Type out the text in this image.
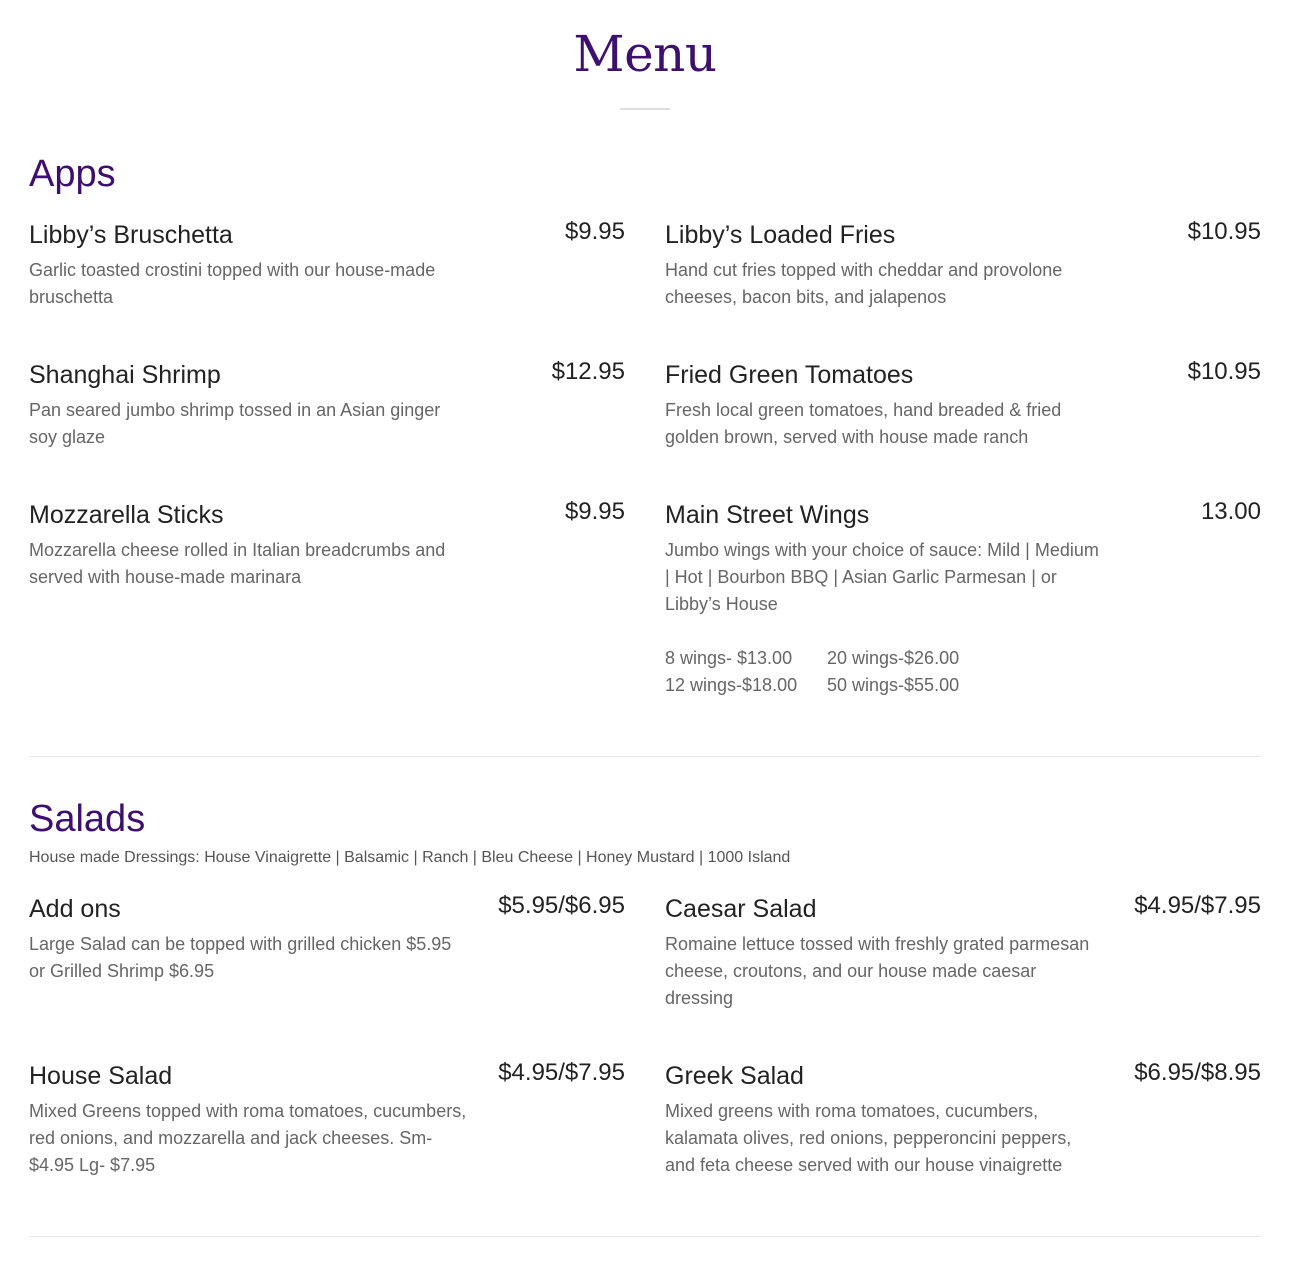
Menu
Apps
Libby’s Bruschetta	$9.95
Garlic toasted crostini topped with our house-made bruschetta
Libby’s Loaded Fries	$10.95
Hand cut fries topped with cheddar and provolone cheeses, bacon bits, and jalapenos
Shanghai Shrimp	$12.95
Pan seared jumbo shrimp tossed in an Asian ginger soy glaze
Fried Green Tomatoes	$10.95
Fresh local green tomatoes, hand breaded & fried golden brown, served with house made ranch
Mozzarella Sticks	$9.95
Mozzarella cheese rolled in Italian breadcrumbs and served with house-made marinara
Main Street Wings	13.00
Jumbo wings with your choice of sauce: Mild | Medium | Hot | Bourbon BBQ | Asian Garlic Parmesan | or Libby’s House
8 wings- $13.00	20 wings-$26.00
12 wings-$18.00	50 wings-$55.00
Salads
House made Dressings: House Vinaigrette | Balsamic | Ranch | Bleu Cheese | Honey Mustard | 1000 Island
Add ons	$5.95/$6.95
Large Salad can be topped with grilled chicken $5.95 or Grilled Shrimp $6.95
Caesar Salad	$4.95/$7.95
Romaine lettuce tossed with freshly grated parmesan cheese, croutons, and our house made caesar dressing
House Salad	$4.95/$7.95
Mixed Greens topped with roma tomatoes, cucumbers, red onions, and mozzarella and jack cheeses. Sm- $4.95 Lg- $7.95
Greek Salad	$6.95/$8.95
Mixed greens with roma tomatoes, cucumbers, kalamata olives, red onions, pepperoncini peppers, and feta cheese served with our house vinaigrette
